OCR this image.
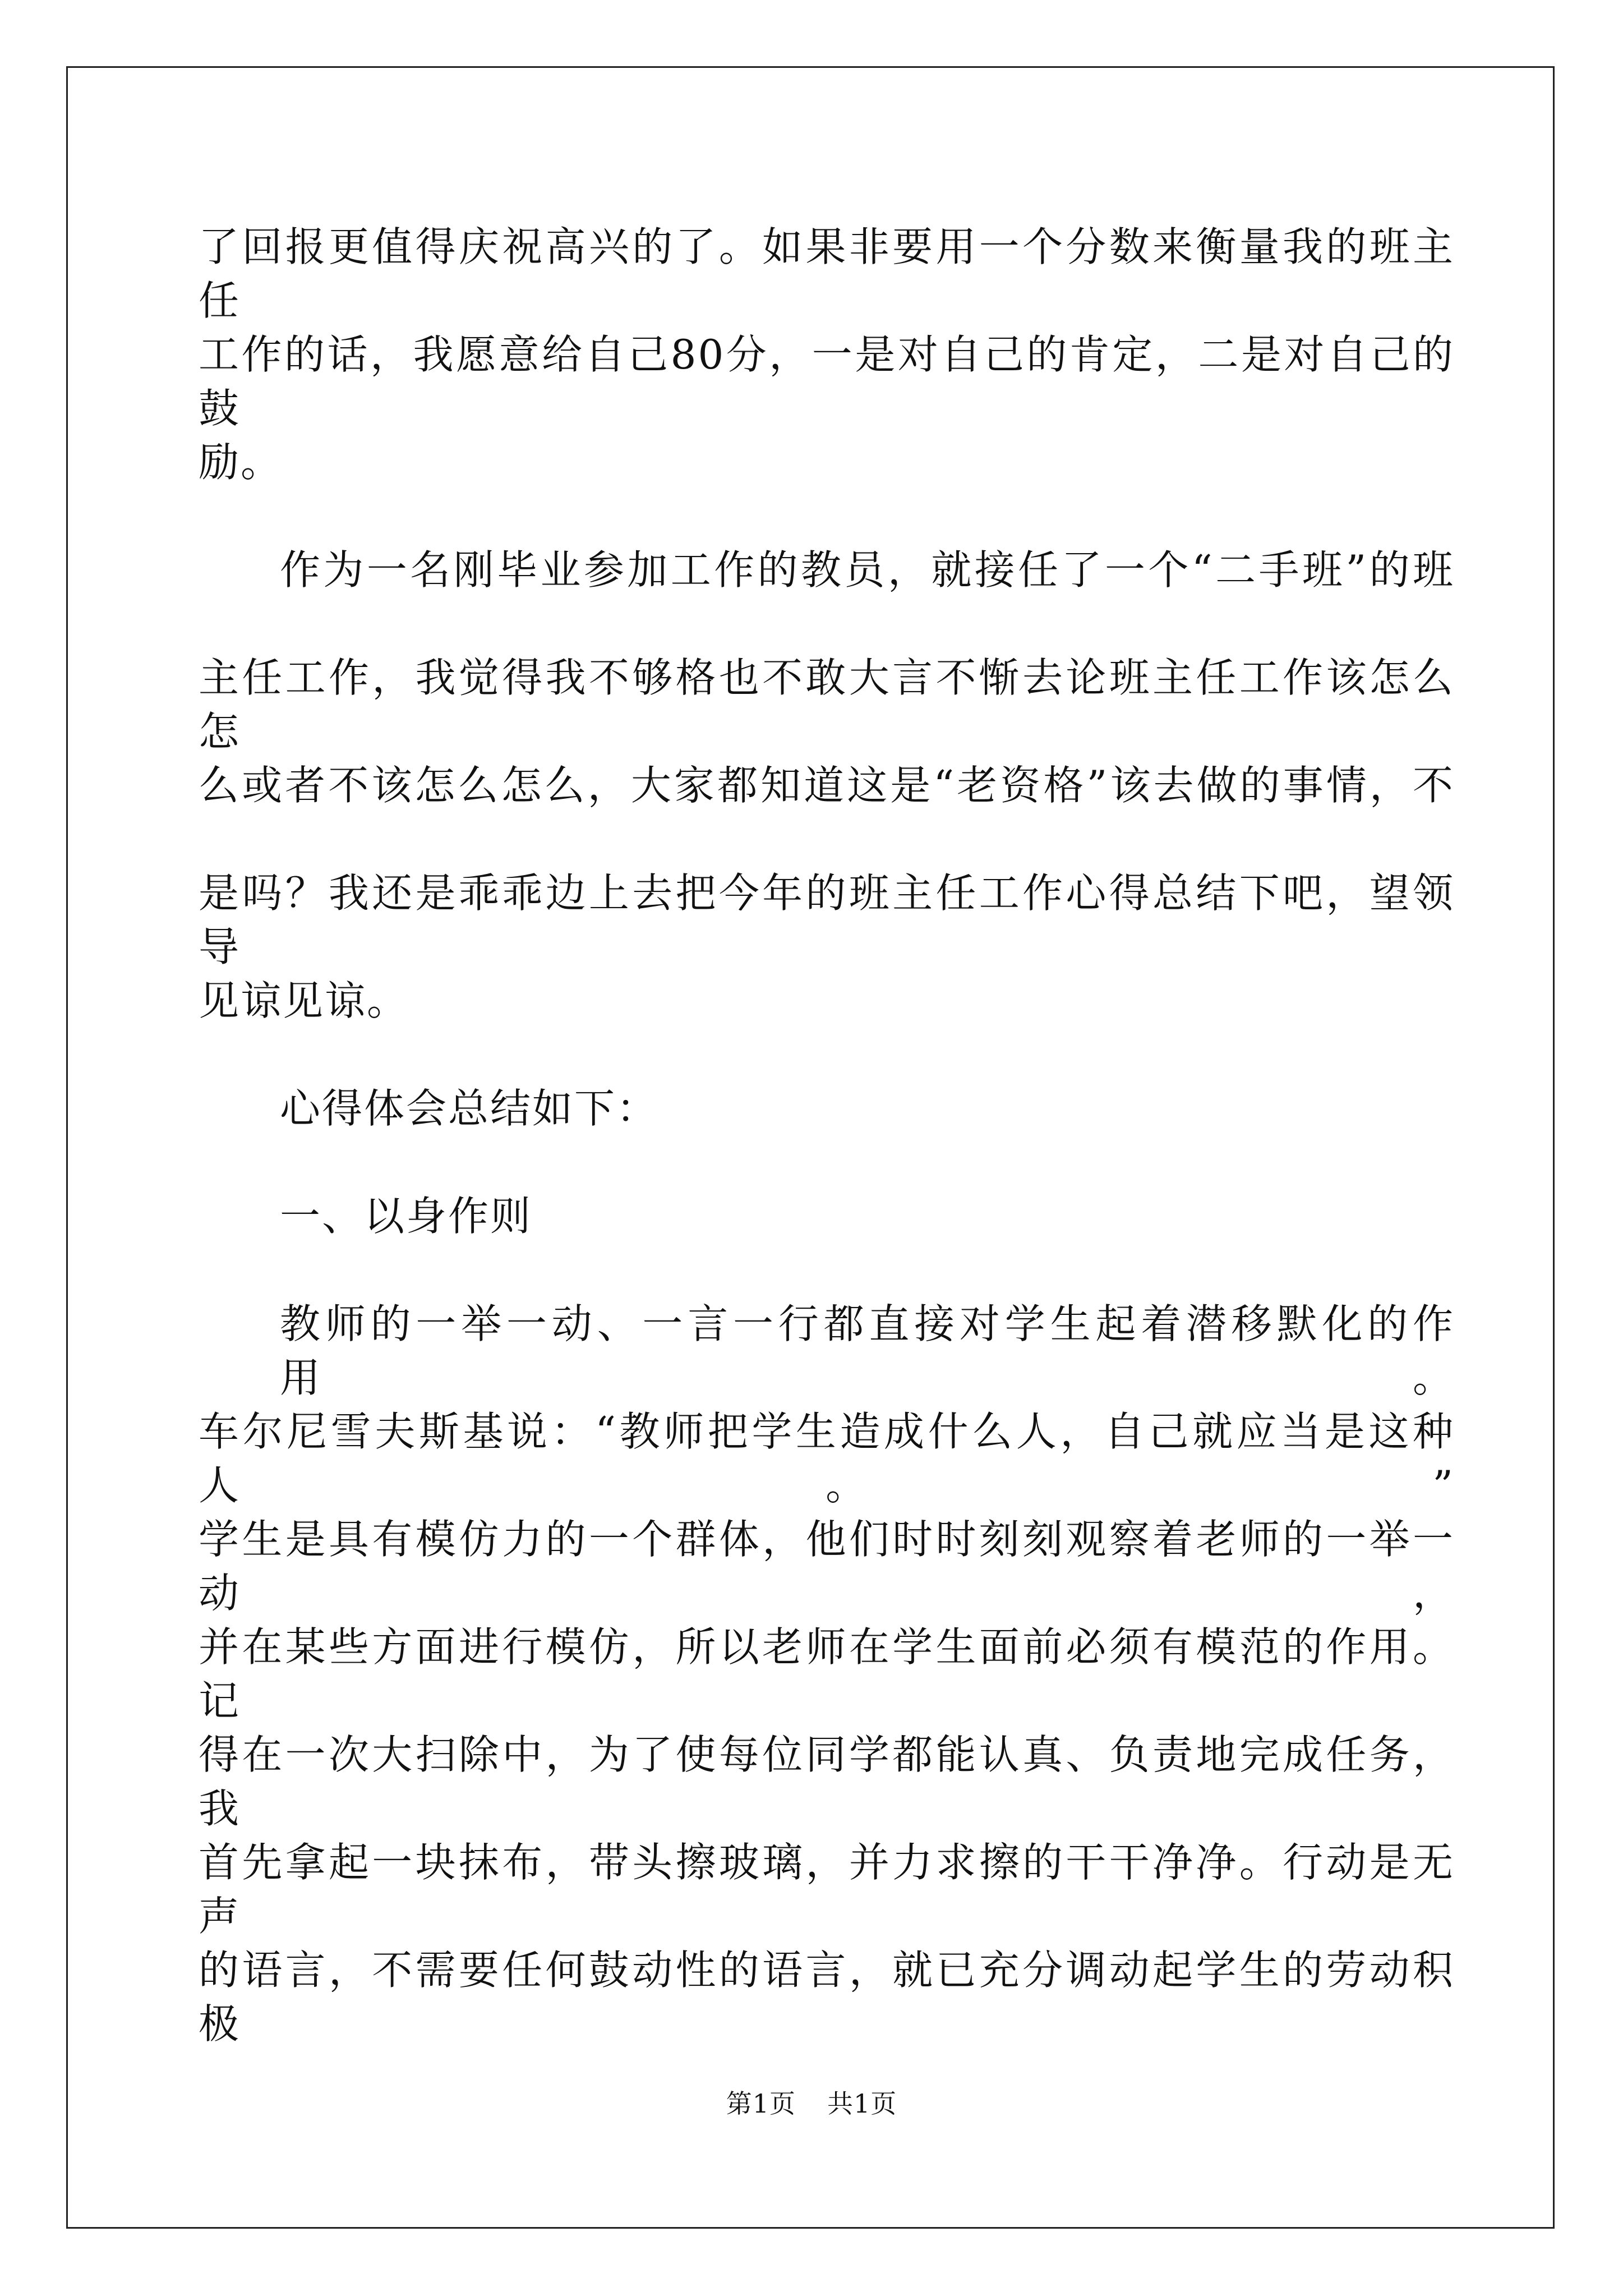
了回报更值得庆祝高兴的了。如果非要用一个分数来衡量我的班主任
工作的话，我愿意给自己80分，一是对自己的肯定，二是对自己的鼓
励。
作为一名刚毕业参加工作的教员，就接任了一个“二手班”的班
主任工作，我觉得我不够格也不敢大言不惭去论班主任工作该怎么怎
么或者不该怎么怎么，大家都知道这是“老资格”该去做的事情，不
是吗？我还是乖乖边上去把今年的班主任工作心得总结下吧，望领导
见谅见谅。
心得体会总结如下：
一、以身作则
教师的一举一动、一言一行都直接对学生起着潜移默化的作用。
车尔尼雪夫斯基说：“教师把学生造成什么人，自己就应当是这种人。”
学生是具有模仿力的一个群体，他们时时刻刻观察着老师的一举一动，
并在某些方面进行模仿，所以老师在学生面前必须有模范的作用。记
得在一次大扫除中，为了使每位同学都能认真、负责地完成任务，我
首先拿起一块抹布，带头擦玻璃，并力求擦的干干净净。行动是无声
的语言，不需要任何鼓动性的语言，就已充分调动起学生的劳动积极
第1页 共1页
